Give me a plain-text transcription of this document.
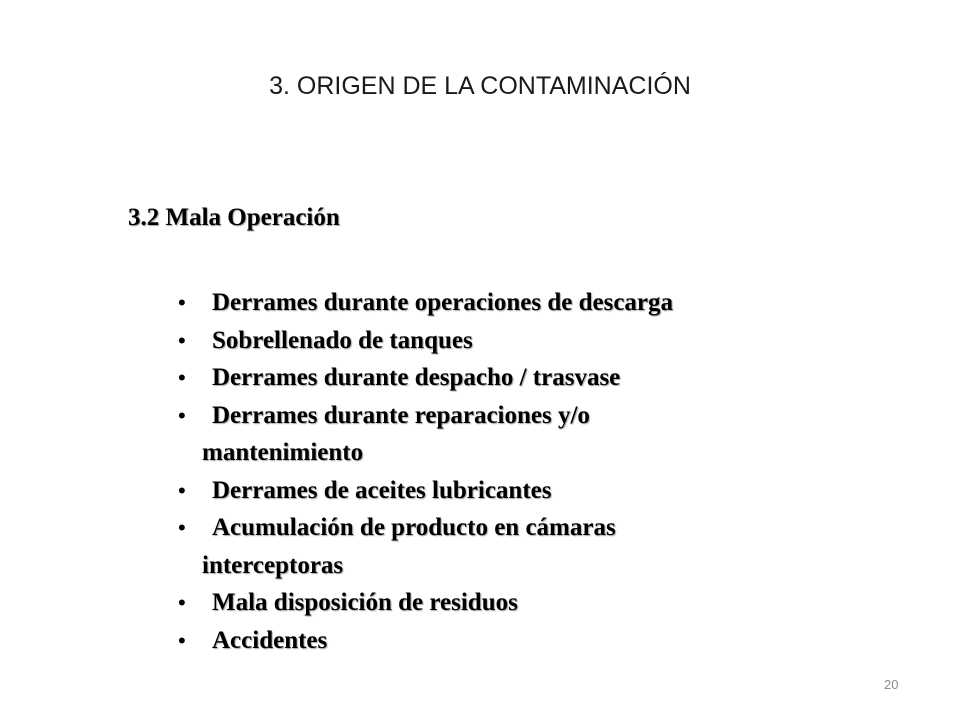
3. ORIGEN DE LA CONTAMINACIÓN
3.2 Mala Operación
• Derrames durante operaciones de descarga
• Sobrellenado de tanques
• Derrames durante despacho / trasvase
• Derrames durante reparaciones y/o
mantenimiento
• Derrames de aceites lubricantes
• Acumulación de producto en cámaras
interceptoras
• Mala disposición de residuos
• Accidentes
20
